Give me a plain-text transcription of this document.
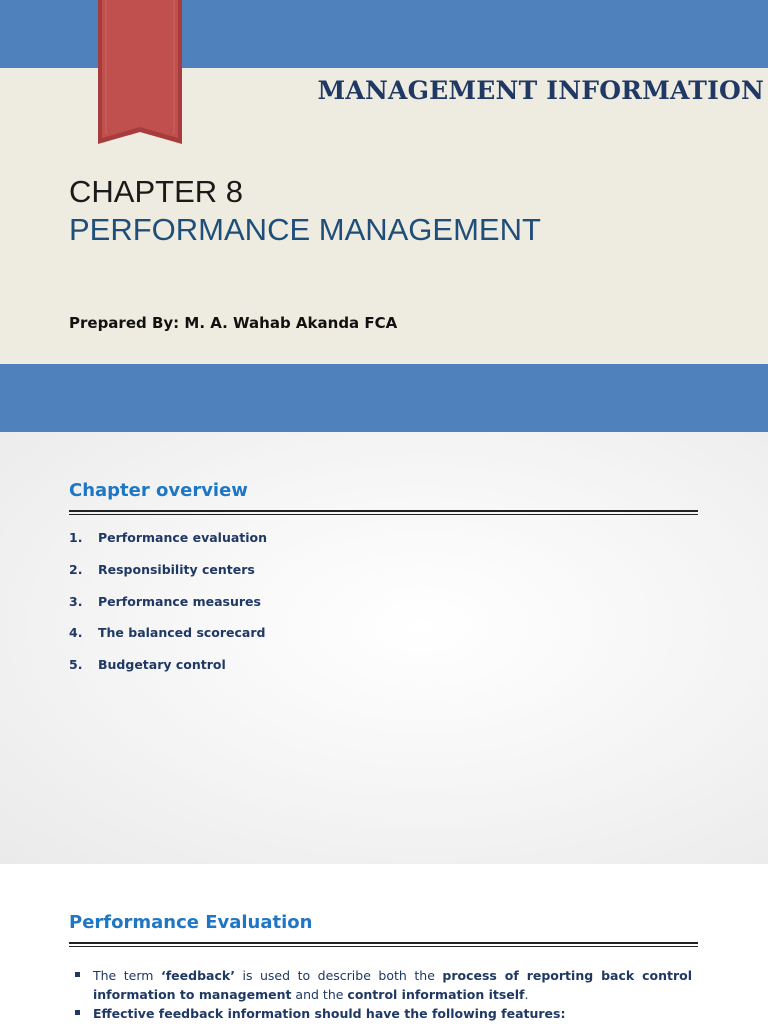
MANAGEMENT INFORMATION
CHAPTER 8
PERFORMANCE MANAGEMENT
Prepared By: M. A. Wahab Akanda FCA
Chapter overview
1.	Performance evaluation
2.	Responsibility centers
3.	Performance measures
4.	The balanced scorecard
5.	Budgetary control
Performance Evaluation
The term ‘feedback’ is used to describe both the process of reporting back control information to management and the control information itself.
Effective feedback information should have the following features:
